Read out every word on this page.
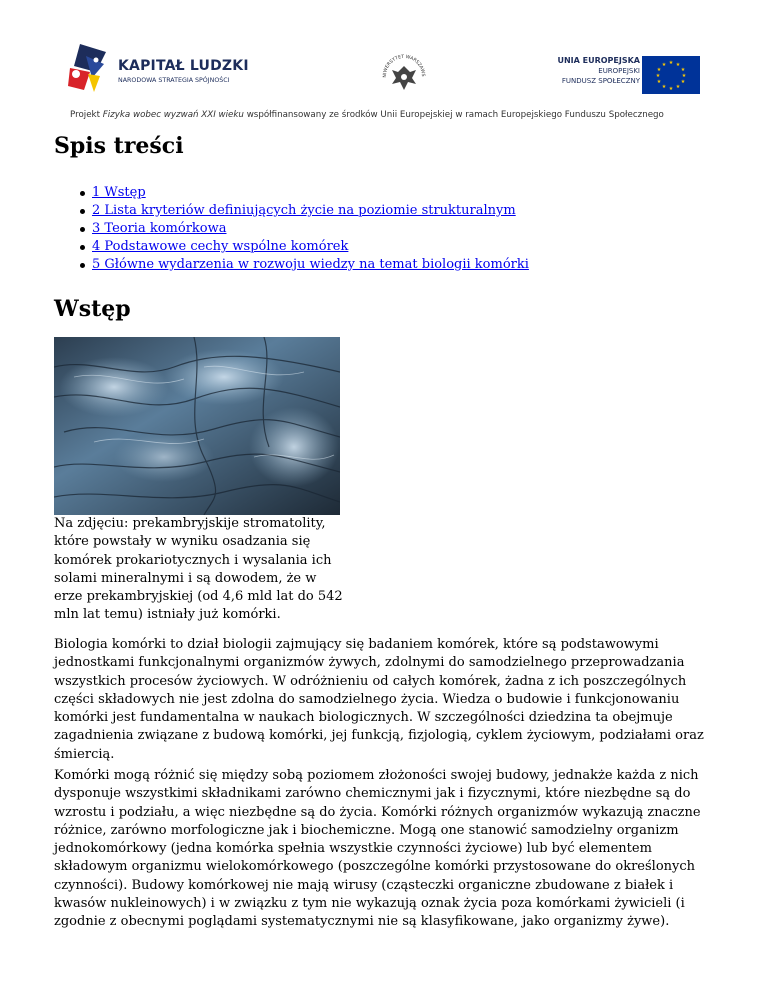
KAPITAŁ LUDZKI
NARODOWA STRATEGIA SPÓJNOŚCI
NIWERSYTET WARSZAWS
UNIA EUROPEJSKA
EUROPEJSKI
FUNDUSZ SPOŁECZNY
★ ★
★
★
★
★
★
★
★
★
★
★
Projekt Fizyka wobec wyzwań XXI wieku współfinansowany ze środków Unii Europejskiej w ramach Europejskiego Funduszu Społecznego
Spis treści
1 Wstęp
2 Lista kryteriów definiujących życie na poziomie strukturalnym
3 Teoria komórkowa
4 Podstawowe cechy wspólne komórek
5 Główne wydarzenia w rozwoju wiedzy na temat biologii komórki
Wstęp
Na zdjęciu: prekambryjskije stromatolity, które powstały w wyniku osadzania się komórek prokariotycznych i wysalania ich solami mineralnymi i są dowodem, że w erze prekambryjskiej (od 4,6 mld lat do 542 mln lat temu) istniały już komórki.

Biologia komórki to dział biologii zajmujący się badaniem komórek, które są podstawowymi jednostkami funkcjonalnymi organizmów żywych, zdolnymi do samodzielnego przeprowadzania wszystkich procesów życiowych. W odróżnieniu od całych komórek, żadna z ich poszczególnych części składowych nie jest zdolna do samodzielnego życia. Wiedza o budowie i funkcjonowaniu komórki jest fundamentalna w naukach biologicznych. W szczególności dziedzina ta obejmuje zagadnienia związane z budową komórki, jej funkcją, fizjologią, cyklem życiowym, podziałami oraz śmiercią.

Komórki mogą różnić się między sobą poziomem złożoności swojej budowy, jednakże każda z nich dysponuje wszystkimi składnikami zarówno chemicznymi jak i fizycznymi, które niezbędne są do wzrostu i podziału, a więc niezbędne są do życia. Komórki różnych organizmów wykazują znaczne różnice, zarówno morfologiczne jak i biochemiczne. Mogą one stanowić samodzielny organizm jednokomórkowy (jedna komórka spełnia wszystkie czynności życiowe) lub być elementem składowym organizmu wielokomórkowego (poszczególne komórki przystosowane do określonych czynności). Budowy komórkowej nie mają wirusy (cząsteczki organiczne zbudowane z białek i kwasów nukleinowych) i w związku z tym nie wykazują oznak życia poza komórkami żywicieli (i zgodnie z obecnymi poglądami systematycznymi nie są klasyfikowane, jako organizmy żywe).
